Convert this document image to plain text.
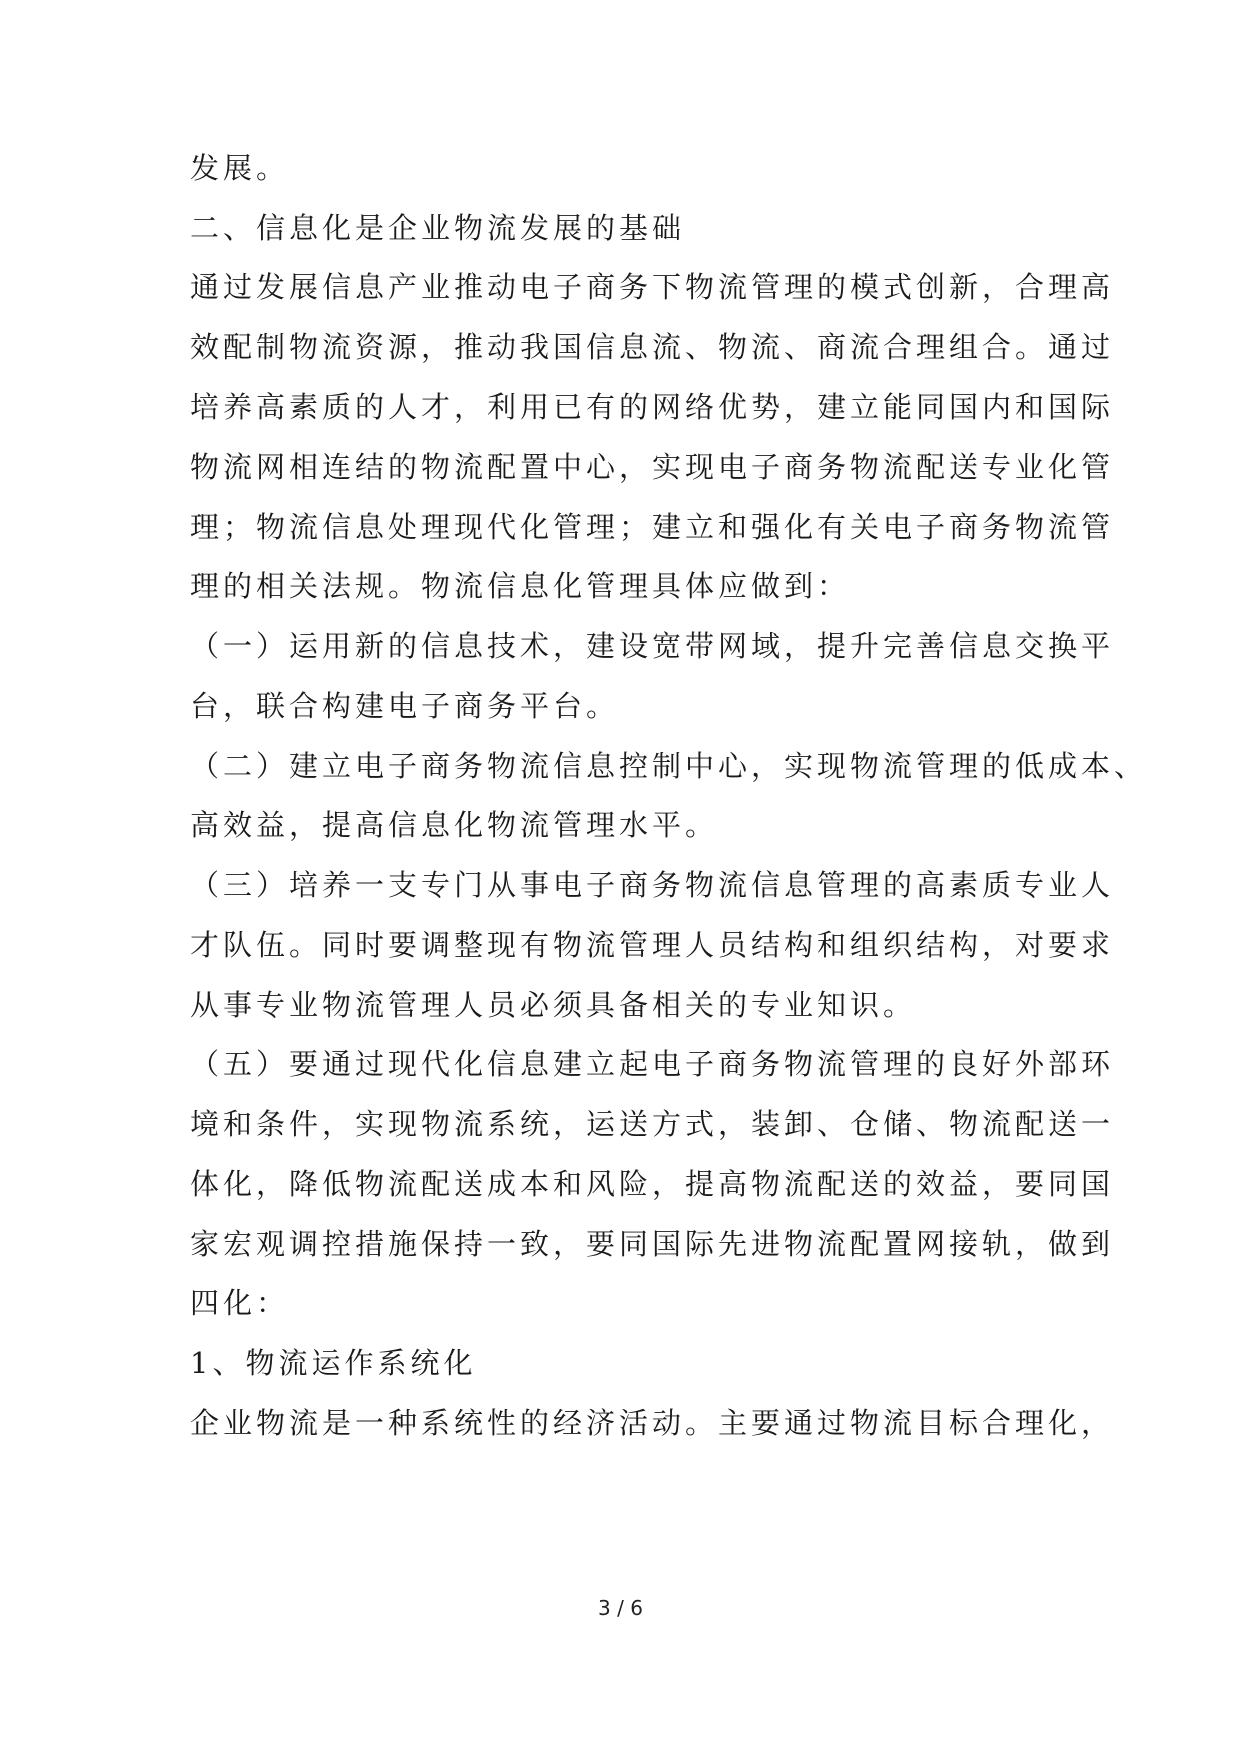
发展。
二、信息化是企业物流发展的基础
通过发展信息产业推动电子商务下物流管理的模式创新，合理高
效配制物流资源，推动我国信息流、物流、商流合理组合。通过
培养高素质的人才，利用已有的网络优势，建立能同国内和国际
物流网相连结的物流配置中心，实现电子商务物流配送专业化管
理；物流信息处理现代化管理；建立和强化有关电子商务物流管
理的相关法规。物流信息化管理具体应做到：
（一）运用新的信息技术，建设宽带网域，提升完善信息交换平
台，联合构建电子商务平台。
（二）建立电子商务物流信息控制中心，实现物流管理的低成本、
高效益，提高信息化物流管理水平。
（三）培养一支专门从事电子商务物流信息管理的高素质专业人
才队伍。同时要调整现有物流管理人员结构和组织结构，对要求
从事专业物流管理人员必须具备相关的专业知识。
（五）要通过现代化信息建立起电子商务物流管理的良好外部环
境和条件，实现物流系统，运送方式，装卸、仓储、物流配送一
体化，降低物流配送成本和风险，提高物流配送的效益，要同国
家宏观调控措施保持一致，要同国际先进物流配置网接轨，做到
四化：
1、物流运作系统化
企业物流是一种系统性的经济活动。主要通过物流目标合理化，
3 / 6
